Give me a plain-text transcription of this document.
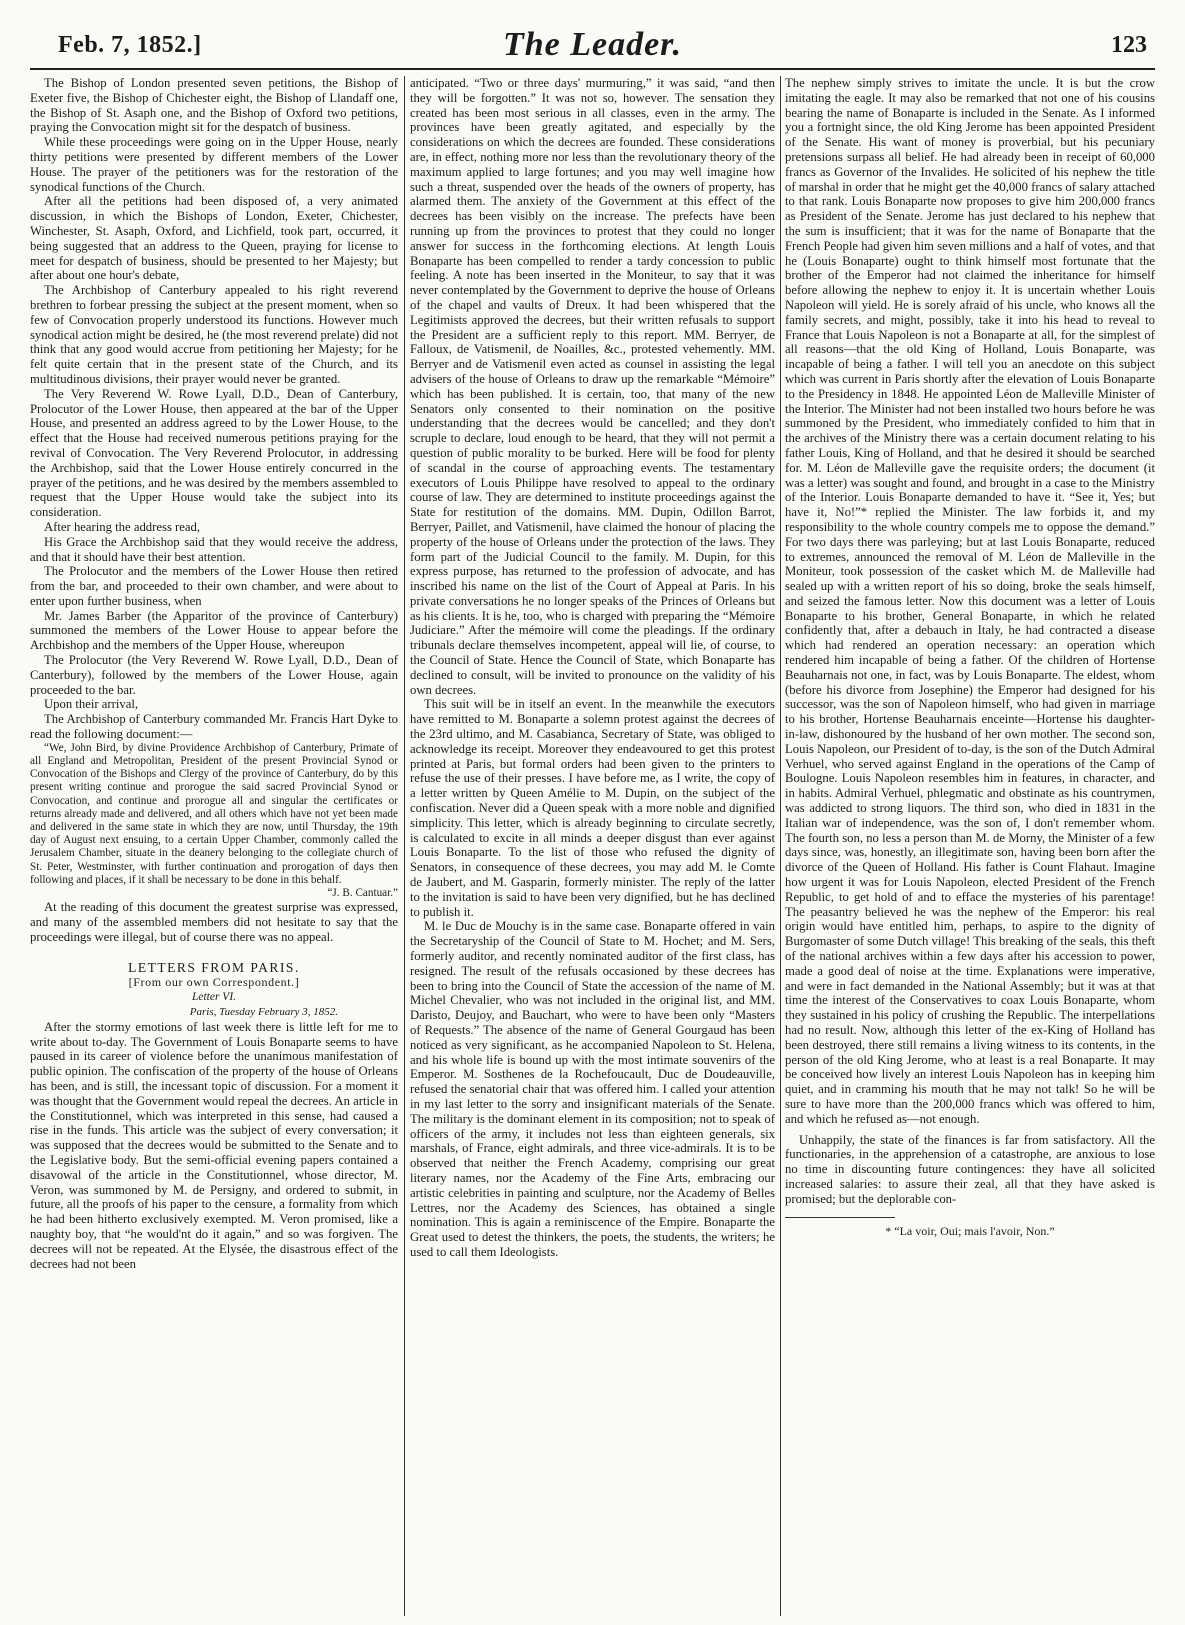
Feb. 7, 1852.]	The Leader.	123

The Bishop of London presented seven petitions, the Bishop of Exeter five, the Bishop of Chichester eight, the Bishop of Llandaff one, the Bishop of St. Asaph one, and the Bishop of Oxford two petitions, praying the Convocation might sit for the despatch of business.

While these proceedings were going on in the Upper House, nearly thirty petitions were presented by different members of the Lower House. The prayer of the petitioners was for the restoration of the synodical functions of the Church.

After all the petitions had been disposed of, a very animated discussion, in which the Bishops of London, Exeter, Chichester, Winchester, St. Asaph, Oxford, and Lichfield, took part, occurred, it being suggested that an address to the Queen, praying for license to meet for despatch of business, should be presented to her Majesty; but after about one hour's debate,

The Archbishop of Canterbury appealed to his right reverend brethren to forbear pressing the subject at the present moment, when so few of Convocation properly understood its functions. However much synodical action might be desired, he (the most reverend prelate) did not think that any good would accrue from petitioning her Majesty; for he felt quite certain that in the present state of the Church, and its multitudinous divisions, their prayer would never be granted.

The Very Reverend W. Rowe Lyall, D.D., Dean of Canterbury, Prolocutor of the Lower House, then appeared at the bar of the Upper House, and presented an address agreed to by the Lower House, to the effect that the House had received numerous petitions praying for the revival of Convocation. The Very Reverend Prolocutor, in addressing the Archbishop, said that the Lower House entirely concurred in the prayer of the petitions, and he was desired by the members assembled to request that the Upper House would take the subject into its consideration.

After hearing the address read,

His Grace the Archbishop said that they would receive the address, and that it should have their best attention.

The Prolocutor and the members of the Lower House then retired from the bar, and proceeded to their own chamber, and were about to enter upon further business, when

Mr. James Barber (the Apparitor of the province of Canterbury) summoned the members of the Lower House to appear before the Archbishop and the members of the Upper House, whereupon

The Prolocutor (the Very Reverend W. Rowe Lyall, D.D., Dean of Canterbury), followed by the members of the Lower House, again proceeded to the bar.

Upon their arrival,

The Archbishop of Canterbury commanded Mr. Francis Hart Dyke to read the following document:—

“We, John Bird, by divine Providence Archbishop of Canterbury, Primate of all England and Metropolitan, President of the present Provincial Synod or Convocation of the Bishops and Clergy of the province of Canterbury, do by this present writing continue and prorogue the said sacred Provincial Synod or Convocation, and continue and prorogue all and singular the certificates or returns already made and delivered, and all others which have not yet been made and delivered in the same state in which they are now, until Thursday, the 19th day of August next ensuing, to a certain Upper Chamber, commonly called the Jerusalem Chamber, situate in the deanery belonging to the collegiate church of St. Peter, Westminster, with further continuation and prorogation of days then following and places, if it shall be necessary to be done in this behalf.

“J. B. Cantuar.”

At the reading of this document the greatest surprise was expressed, and many of the assembled members did not hesitate to say that the proceedings were illegal, but of course there was no appeal.

LETTERS FROM PARIS.

[From our own Correspondent.]

Letter VI.

Paris, Tuesday February 3, 1852.

After the stormy emotions of last week there is little left for me to write about to-day. The Government of Louis Bonaparte seems to have paused in its career of violence before the unanimous manifestation of public opinion. The confiscation of the property of the house of Orleans has been, and is still, the incessant topic of discussion. For a moment it was thought that the Government would repeal the decrees. An article in the Constitutionnel, which was interpreted in this sense, had caused a rise in the funds. This article was the subject of every conversation; it was supposed that the decrees would be submitted to the Senate and to the Legislative body. But the semi-official evening papers contained a disavowal of the article in the Constitutionnel, whose director, M. Veron, was summoned by M. de Persigny, and ordered to submit, in future, all the proofs of his paper to the censure, a formality from which he had been hitherto exclusively exempted. M. Veron promised, like a naughty boy, that “he would'nt do it again,” and so was forgiven. The decrees will not be repeated. At the Elysée, the disastrous effect of the decrees had not been

anticipated. “Two or three days' murmuring,” it was said, “and then they will be forgotten.” It was not so, however. The sensation they created has been most serious in all classes, even in the army. The provinces have been greatly agitated, and especially by the considerations on which the decrees are founded. These considerations are, in effect, nothing more nor less than the revolutionary theory of the maximum applied to large fortunes; and you may well imagine how such a threat, suspended over the heads of the owners of property, has alarmed them. The anxiety of the Government at this effect of the decrees has been visibly on the increase. The prefects have been running up from the provinces to protest that they could no longer answer for success in the forthcoming elections. At length Louis Bonaparte has been compelled to render a tardy concession to public feeling. A note has been inserted in the Moniteur, to say that it was never contemplated by the Government to deprive the house of Orleans of the chapel and vaults of Dreux. It had been whispered that the Legitimists approved the decrees, but their written refusals to support the President are a sufficient reply to this report. MM. Berryer, de Falloux, de Vatismenil, de Noailles, &c., protested vehemently. MM. Berryer and de Vatismenil even acted as counsel in assisting the legal advisers of the house of Orleans to draw up the remarkable “Mémoire” which has been published. It is certain, too, that many of the new Senators only consented to their nomination on the positive understanding that the decrees would be cancelled; and they don't scruple to declare, loud enough to be heard, that they will not permit a question of public morality to be burked. Here will be food for plenty of scandal in the course of approaching events. The testamentary executors of Louis Philippe have resolved to appeal to the ordinary course of law. They are determined to institute proceedings against the State for restitution of the domains. MM. Dupin, Odillon Barrot, Berryer, Paillet, and Vatismenil, have claimed the honour of placing the property of the house of Orleans under the protection of the laws. They form part of the Judicial Council to the family. M. Dupin, for this express purpose, has returned to the profession of advocate, and has inscribed his name on the list of the Court of Appeal at Paris. In his private conversations he no longer speaks of the Princes of Orleans but as his clients. It is he, too, who is charged with preparing the “Mémoire Judiciare.” After the mémoire will come the pleadings. If the ordinary tribunals declare themselves incompetent, appeal will lie, of course, to the Council of State. Hence the Council of State, which Bonaparte has declined to consult, will be invited to pronounce on the validity of his own decrees.

This suit will be in itself an event. In the meanwhile the executors have remitted to M. Bonaparte a solemn protest against the decrees of the 23rd ultimo, and M. Casabianca, Secretary of State, was obliged to acknowledge its receipt. Moreover they endeavoured to get this protest printed at Paris, but formal orders had been given to the printers to refuse the use of their presses. I have before me, as I write, the copy of a letter written by Queen Amélie to M. Dupin, on the subject of the confiscation. Never did a Queen speak with a more noble and dignified simplicity. This letter, which is already beginning to circulate secretly, is calculated to excite in all minds a deeper disgust than ever against Louis Bonaparte. To the list of those who refused the dignity of Senators, in consequence of these decrees, you may add M. le Comte de Jaubert, and M. Gasparin, formerly minister. The reply of the latter to the invitation is said to have been very dignified, but he has declined to publish it.

M. le Duc de Mouchy is in the same case. Bonaparte offered in vain the Secretaryship of the Council of State to M. Hochet; and M. Sers, formerly auditor, and recently nominated auditor of the first class, has resigned. The result of the refusals occasioned by these decrees has been to bring into the Council of State the accession of the name of M. Michel Chevalier, who was not included in the original list, and MM. Daristo, Deujoy, and Bauchart, who were to have been only “Masters of Requests.” The absence of the name of General Gourgaud has been noticed as very significant, as he accompanied Napoleon to St. Helena, and his whole life is bound up with the most intimate souvenirs of the Emperor. M. Sosthenes de la Rochefoucault, Duc de Doudeauville, refused the senatorial chair that was offered him. I called your attention in my last letter to the sorry and insignificant materials of the Senate. The military is the dominant element in its composition; not to speak of officers of the army, it includes not less than eighteen generals, six marshals, of France, eight admirals, and three vice-admirals. It is to be observed that neither the French Academy, comprising our great literary names, nor the Academy of the Fine Arts, embracing our artistic celebrities in painting and sculpture, nor the Academy of Belles Lettres, nor the Academy des Sciences, has obtained a single nomination. This is again a reminiscence of the Empire. Bonaparte the Great used to detest the thinkers, the poets, the students, the writers; he used to call them Ideologists.

The nephew simply strives to imitate the uncle. It is but the crow imitating the eagle. It may also be remarked that not one of his cousins bearing the name of Bonaparte is included in the Senate. As I informed you a fortnight since, the old King Jerome has been appointed President of the Senate. His want of money is proverbial, but his pecuniary pretensions surpass all belief. He had already been in receipt of 60,000 francs as Governor of the Invalides. He solicited of his nephew the title of marshal in order that he might get the 40,000 francs of salary attached to that rank. Louis Bonaparte now proposes to give him 200,000 francs as President of the Senate. Jerome has just declared to his nephew that the sum is insufficient; that it was for the name of Bonaparte that the French People had given him seven millions and a half of votes, and that he (Louis Bonaparte) ought to think himself most fortunate that the brother of the Emperor had not claimed the inheritance for himself before allowing the nephew to enjoy it. It is uncertain whether Louis Napoleon will yield. He is sorely afraid of his uncle, who knows all the family secrets, and might, possibly, take it into his head to reveal to France that Louis Napoleon is not a Bonaparte at all, for the simplest of all reasons—that the old King of Holland, Louis Bonaparte, was incapable of being a father. I will tell you an anecdote on this subject which was current in Paris shortly after the elevation of Louis Bonaparte to the Presidency in 1848. He appointed Léon de Malleville Minister of the Interior. The Minister had not been installed two hours before he was summoned by the President, who immediately confided to him that in the archives of the Ministry there was a certain document relating to his father Louis, King of Holland, and that he desired it should be searched for. M. Léon de Malleville gave the requisite orders; the document (it was a letter) was sought and found, and brought in a case to the Ministry of the Interior. Louis Bonaparte demanded to have it. “See it, Yes; but have it, No!”* replied the Minister. The law forbids it, and my responsibility to the whole country compels me to oppose the demand.” For two days there was parleying; but at last Louis Bonaparte, reduced to extremes, announced the removal of M. Léon de Malleville in the Moniteur, took possession of the casket which M. de Malleville had sealed up with a written report of his so doing, broke the seals himself, and seized the famous letter. Now this document was a letter of Louis Bonaparte to his brother, General Bonaparte, in which he related confidently that, after a debauch in Italy, he had contracted a disease which had rendered an operation necessary: an operation which rendered him incapable of being a father. Of the children of Hortense Beauharnais not one, in fact, was by Louis Bonaparte. The eldest, whom (before his divorce from Josephine) the Emperor had designed for his successor, was the son of Napoleon himself, who had given in marriage to his brother, Hortense Beauharnais enceinte—Hortense his daughter-in-law, dishonoured by the husband of her own mother. The second son, Louis Napoleon, our President of to-day, is the son of the Dutch Admiral Verhuel, who served against England in the operations of the Camp of Boulogne. Louis Napoleon resembles him in features, in character, and in habits. Admiral Verhuel, phlegmatic and obstinate as his countrymen, was addicted to strong liquors. The third son, who died in 1831 in the Italian war of independence, was the son of, I don't remember whom. The fourth son, no less a person than M. de Morny, the Minister of a few days since, was, honestly, an illegitimate son, having been born after the divorce of the Queen of Holland. His father is Count Flahaut. Imagine how urgent it was for Louis Napoleon, elected President of the French Republic, to get hold of and to efface the mysteries of his parentage! The peasantry believed he was the nephew of the Emperor: his real origin would have entitled him, perhaps, to aspire to the dignity of Burgomaster of some Dutch village! This breaking of the seals, this theft of the national archives within a few days after his accession to power, made a good deal of noise at the time. Explanations were imperative, and were in fact demanded in the National Assembly; but it was at that time the interest of the Conservatives to coax Louis Bonaparte, whom they sustained in his policy of crushing the Republic. The interpellations had no result. Now, although this letter of the ex-King of Holland has been destroyed, there still remains a living witness to its contents, in the person of the old King Jerome, who at least is a real Bonaparte. It may be conceived how lively an interest Louis Napoleon has in keeping him quiet, and in cramming his mouth that he may not talk! So he will be sure to have more than the 200,000 francs which was offered to him, and which he refused as—not enough.

Unhappily, the state of the finances is far from satisfactory. All the functionaries, in the apprehension of a catastrophe, are anxious to lose no time in discounting future contingences: they have all solicited increased salaries: to assure their zeal, all that they have asked is promised; but the deplorable con-

* “La voir, Oui; mais l'avoir, Non.”
